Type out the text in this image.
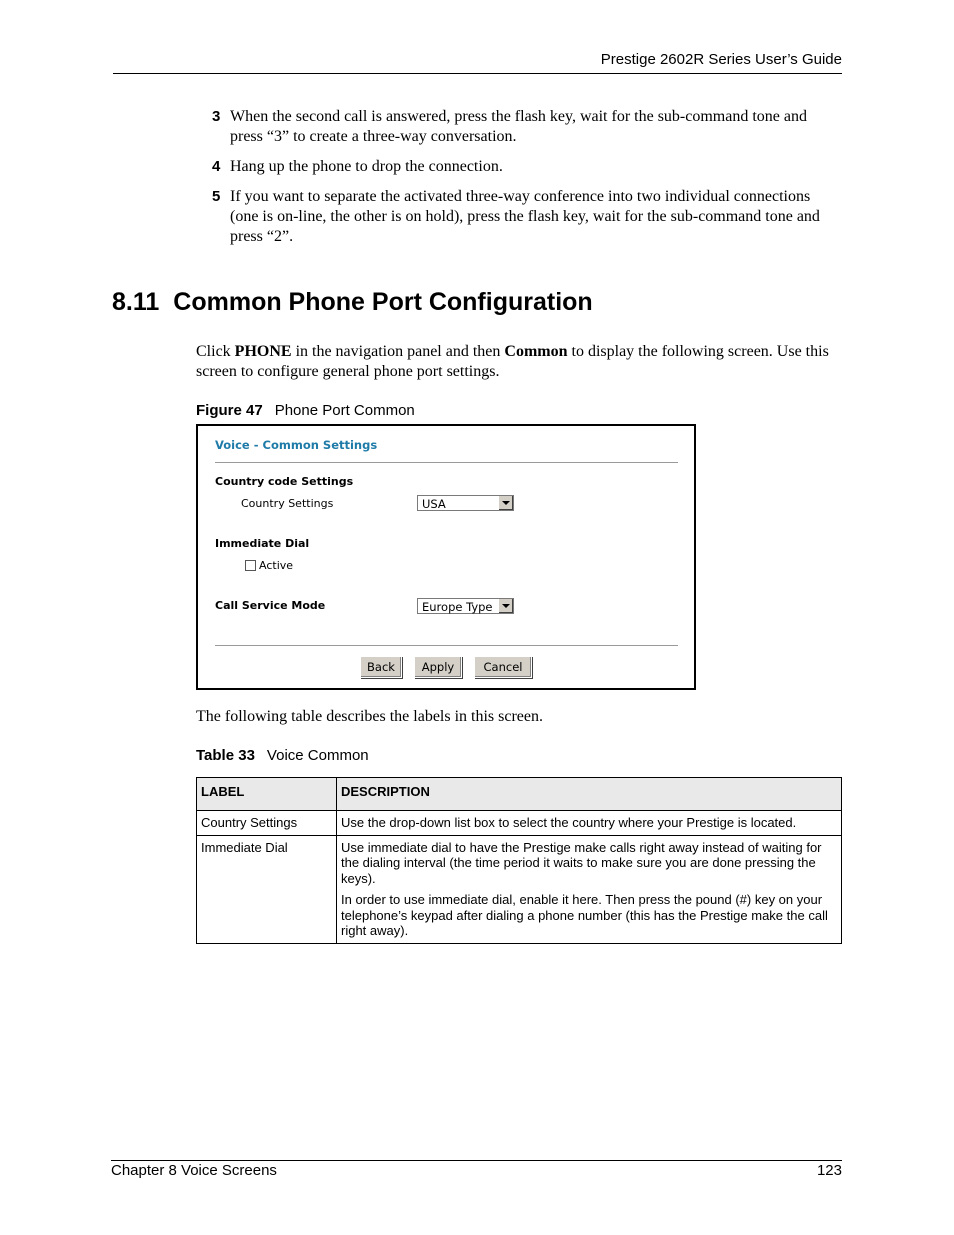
Prestige 2602R Series User’s Guide
3 When the second call is answered, press the flash key, wait for the sub-command tone and press “3” to create a three-way conversation.
4 Hang up the phone to drop the connection.
5 If you want to separate the activated three-way conference into two individual connections (one is on-line, the other is on hold), press the flash key, wait for the sub-command tone and press “2”.
8.11 Common Phone Port Configuration
Click PHONE in the navigation panel and then Common to display the following screen. Use this screen to configure general phone port settings.
Figure 47 Phone Port Common
Voice - Common Settings
Country code Settings
Country Settings	USA
Immediate Dial
Active
Call Service Mode	Europe Type
Back	Apply	Cancel
The following table describes the labels in this screen.
Table 33 Voice Common
LABEL	DESCRIPTION
Country Settings	Use the drop-down list box to select the country where your Prestige is located.

Immediate Dial	Use immediate dial to have the Prestige make calls right away instead of waiting for the dialing interval (the time period it waits to make sure you are done pressing the keys).

In order to use immediate dial, enable it here. Then press the pound (#) key on your telephone’s keypad after dialing a phone number (this has the Prestige make the call right away).

Chapter 8 Voice Screens	123
